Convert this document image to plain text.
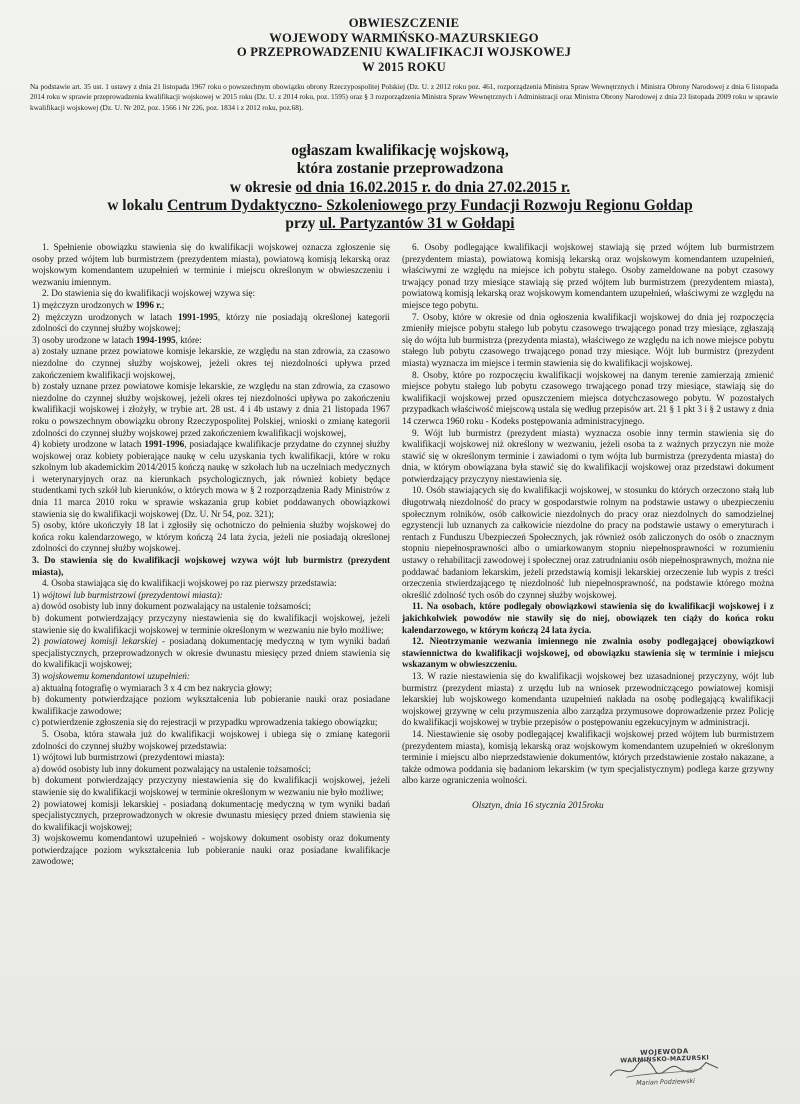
OBWIESZCZENIE
WOJEWODY WARMIŃSKO-MAZURSKIEGO
O PRZEPROWADZENIU KWALIFIKACJI WOJSKOWEJ
W 2015 ROKU
Na podstawie art. 35 ust. 1 ustawy z dnia 21 listopada 1967 roku o powszechnym obowiązku obrony Rzeczypospolitej Polskiej (Dz. U. z 2012 roku poz. 461, rozporządzenia Ministra Spraw Wewnętrznych i Ministra Obrony Narodowej z dnia 6 listopada 2014 roku w sprawie przeprowadzenia kwalifikacji wojskowej w 2015 roku (Dz. U. z 2014 roku, poz. 1595) oraz § 3 rozporządzenia Ministra Spraw Wewnętrznych i Administracji oraz Ministra Obrony Narodowej z dnia 23 listopada 2009 roku w sprawie kwalifikacji wojskowej (Dz. U. Nr 202, poz. 1566 i Nr 226, poz. 1834 i z 2012 roku, poz.68).
ogłaszam kwalifikację wojskową,
która zostanie przeprowadzona
w okresie od dnia 16.02.2015 r. do dnia 27.02.2015 r.
w lokalu Centrum Dydaktyczno- Szkoleniowego przy Fundacji Rozwoju Regionu Gołdap
przy ul. Partyzantów 31 w Gołdapi

1. Spełnienie obowiązku stawienia się do kwalifikacji wojskowej oznacza zgłoszenie się osoby przed wójtem lub burmistrzem (prezydentem miasta), powiatową komisją lekarską oraz wojskowym komendantem uzupełnień w terminie i miejscu określonym w obwieszczeniu i wezwaniu imiennym.

2. Do stawienia się do kwalifikacji wojskowej wzywa się:

1) mężczyzn urodzonych w 1996 r.;

2) mężczyzn urodzonych w latach 1991-1995, którzy nie posiadają określonej kategorii zdolności do czynnej służby wojskowej;

3) osoby urodzone w latach 1994-1995, które:

a) zostały uznane przez powiatowe komisje lekarskie, ze względu na stan zdrowia, za czasowo niezdolne do czynnej służby wojskowej, jeżeli okres tej niezdolności upływa przed zakończeniem kwalifikacji wojskowej,

b) zostały uznane przez powiatowe komisje lekarskie, ze względu na stan zdrowia, za czasowo niezdolne do czynnej służby wojskowej, jeżeli okres tej niezdolności upływa po zakończeniu kwalifikacji wojskowej i złożyły, w trybie art. 28 ust. 4 i 4b ustawy z dnia 21 listopada 1967 roku o powszechnym obowiązku obrony Rzeczypospolitej Polskiej, wnioski o zmianę kategorii zdolności do czynnej służby wojskowej przed zakończeniem kwalifikacji wojskowej,

4) kobiety urodzone w latach 1991-1996, posiadające kwalifikacje przydatne do czynnej służby wojskowej oraz kobiety pobierające naukę w celu uzyskania tych kwalifikacji, które w roku szkolnym lub akademickim 2014/2015 kończą naukę w szkołach lub na uczelniach medycznych i weterynaryjnych oraz na kierunkach psychologicznych, jak również kobiety będące studentkami tych szkół lub kierunków, o których mowa w § 2 rozporządzenia Rady Ministrów z dnia 11 marca 2010 roku w sprawie wskazania grup kobiet poddawanych obowiązkowi stawienia się do kwalifikacji wojskowej (Dz. U. Nr 54, poz. 321);

5) osoby, które ukończyły 18 lat i zgłosiły się ochotniczo do pełnienia służby wojskowej do końca roku kalendarzowego, w którym kończą 24 lata życia, jeżeli nie posiadają określonej zdolności do czynnej służby wojskowej.

3. Do stawienia się do kwalifikacji wojskowej wzywa wójt lub burmistrz (prezydent miasta),

4. Osoba stawiająca się do kwalifikacji wojskowej po raz pierwszy przedstawia:

1) wójtowi lub burmistrzowi (prezydentowi miasta):

a) dowód osobisty lub inny dokument pozwalający na ustalenie tożsamości;

b) dokument potwierdzający przyczyny niestawienia się do kwalifikacji wojskowej, jeżeli stawienie się do kwalifikacji wojskowej w terminie określonym w wezwaniu nie było możliwe;

2) powiatowej komisji lekarskiej - posiadaną dokumentację medyczną w tym wyniki badań specjalistycznych, przeprowadzonych w okresie dwunastu miesięcy przed dniem stawienia się do kwalifikacji wojskowej;

3) wojskowemu komendantowi uzupełnień:

a) aktualną fotografię o wymiarach 3 x 4 cm bez nakrycia głowy;

b) dokumenty potwierdzające poziom wykształcenia lub pobieranie nauki oraz posiadane kwalifikacje zawodowe;

c) potwierdzenie zgłoszenia się do rejestracji w przypadku wprowadzenia takiego obowiązku;

5. Osoba, która stawała już do kwalifikacji wojskowej i ubiega się o zmianę kategorii zdolności do czynnej służby wojskowej przedstawia:

1) wójtowi lub burmistrzowi (prezydentowi miasta):

a) dowód osobisty lub inny dokument pozwalający na ustalenie tożsamości;

b) dokument potwierdzający przyczyny niestawienia się do kwalifikacji wojskowej, jeżeli stawienie się do kwalifikacji wojskowej w terminie określonym w wezwaniu nie było możliwe;

2) powiatowej komisji lekarskiej - posiadaną dokumentację medyczną w tym wyniki badań specjalistycznych, przeprowadzonych w okresie dwunastu miesięcy przed dniem stawienia się do kwalifikacji wojskowej;

3) wojskowemu komendantowi uzupełnień - wojskowy dokument osobisty oraz dokumenty potwierdzające poziom wykształcenia lub pobieranie nauki oraz posiadane kwalifikacje zawodowe;

6. Osoby podlegające kwalifikacji wojskowej stawiają się przed wójtem lub burmistrzem (prezydentem miasta), powiatową komisją lekarską oraz wojskowym komendantem uzupełnień, właściwymi ze względu na miejsce ich pobytu stałego. Osoby zameldowane na pobyt czasowy trwający ponad trzy miesiące stawiają się przed wójtem lub burmistrzem (prezydentem miasta), powiatową komisją lekarską oraz wojskowym komendantem uzupełnień, właściwymi ze względu na miejsce tego pobytu.

7. Osoby, które w okresie od dnia ogłoszenia kwalifikacji wojskowej do dnia jej rozpoczęcia zmieniły miejsce pobytu stałego lub pobytu czasowego trwającego ponad trzy miesiące, zgłaszają się do wójta lub burmistrza (prezydenta miasta), właściwego ze względu na ich nowe miejsce pobytu stałego lub pobytu czasowego trwającego ponad trzy miesiące. Wójt lub burmistrz (prezydent miasta) wyznacza im miejsce i termin stawienia się do kwalifikacji wojskowej.

8. Osoby, które po rozpoczęciu kwalifikacji wojskowej na danym terenie zamierzają zmienić miejsce pobytu stałego lub pobytu czasowego trwającego ponad trzy miesiące, stawiają się do kwalifikacji wojskowej przed opuszczeniem miejsca dotychczasowego pobytu. W pozostałych przypadkach właściwość miejscową ustala się według przepisów art. 21 § 1 pkt 3 i § 2 ustawy z dnia 14 czerwca 1960 roku - Kodeks postępowania administracyjnego.

9. Wójt lub burmistrz (prezydent miasta) wyznacza osobie inny termin stawienia się do kwalifikacji wojskowej niż określony w wezwaniu, jeżeli osoba ta z ważnych przyczyn nie może stawić się w określonym terminie i zawiadomi o tym wójta lub burmistrza (prezydenta miasta) do dnia, w którym obowiązana była stawić się do kwalifikacji wojskowej oraz przedstawi dokument potwierdzający przyczyny niestawienia się.

10. Osób stawiających się do kwalifikacji wojskowej, w stosunku do których orzeczono stałą lub długotrwałą niezdolność do pracy w gospodarstwie rolnym na podstawie ustawy o ubezpieczeniu społecznym rolników, osób całkowicie niezdolnych do pracy oraz niezdolnych do samodzielnej egzystencji lub uznanych za całkowicie niezdolne do pracy na podstawie ustawy o emeryturach i rentach z Funduszu Ubezpieczeń Społecznych, jak również osób zaliczonych do osób o znacznym stopniu niepełnosprawności albo o umiarkowanym stopniu niepełnosprawności w rozumieniu ustawy o rehabilitacji zawodowej i społecznej oraz zatrudnianiu osób niepełnosprawnych, można nie poddawać badaniom lekarskim, jeżeli przedstawią komisji lekarskiej orzeczenie lub wypis z treści orzeczenia stwierdzającego tę niezdolność lub niepełnosprawność, na podstawie którego można określić zdolność tych osób do czynnej służby wojskowej.

11. Na osobach, które podlegały obowiązkowi stawienia się do kwalifikacji wojskowej i z jakichkolwiek powodów nie stawiły się do niej, obowiązek ten ciąży do końca roku kalendarzowego, w którym kończą 24 lata życia.

12. Nieotrzymanie wezwania imiennego nie zwalnia osoby podlegającej obowiązkowi stawiennictwa do kwalifikacji wojskowej, od obowiązku stawienia się w terminie i miejscu wskazanym w obwieszczeniu.

13. W razie niestawienia się do kwalifikacji wojskowej bez uzasadnionej przyczyny, wójt lub burmistrz (prezydent miasta) z urzędu lub na wniosek przewodniczącego powiatowej komisji lekarskiej lub wojskowego komendanta uzupełnień nakłada na osobę podlegającą kwalifikacji wojskowej grzywnę w celu przymuszenia albo zarządza przymusowe doprowadzenie przez Policję do kwalifikacji wojskowej w trybie przepisów o postępowaniu egzekucyjnym w administracji.

14. Niestawienie się osoby podlegającej kwalifikacji wojskowej przed wójtem lub burmistrzem (prezydentem miasta), komisją lekarską oraz wojskowym komendantem uzupełnień w określonym terminie i miejscu albo nieprzedstawienie dokumentów, których przedstawienie zostało nakazane, a także odmowa poddania się badaniom lekarskim (w tym specjalistycznym) podlega karze grzywny albo karze ograniczenia wolności.

Olsztyn, dnia 16 stycznia 2015roku

WOJEWODA
WARMIŃSKO-MAZURSKI
Marian Podziewski
